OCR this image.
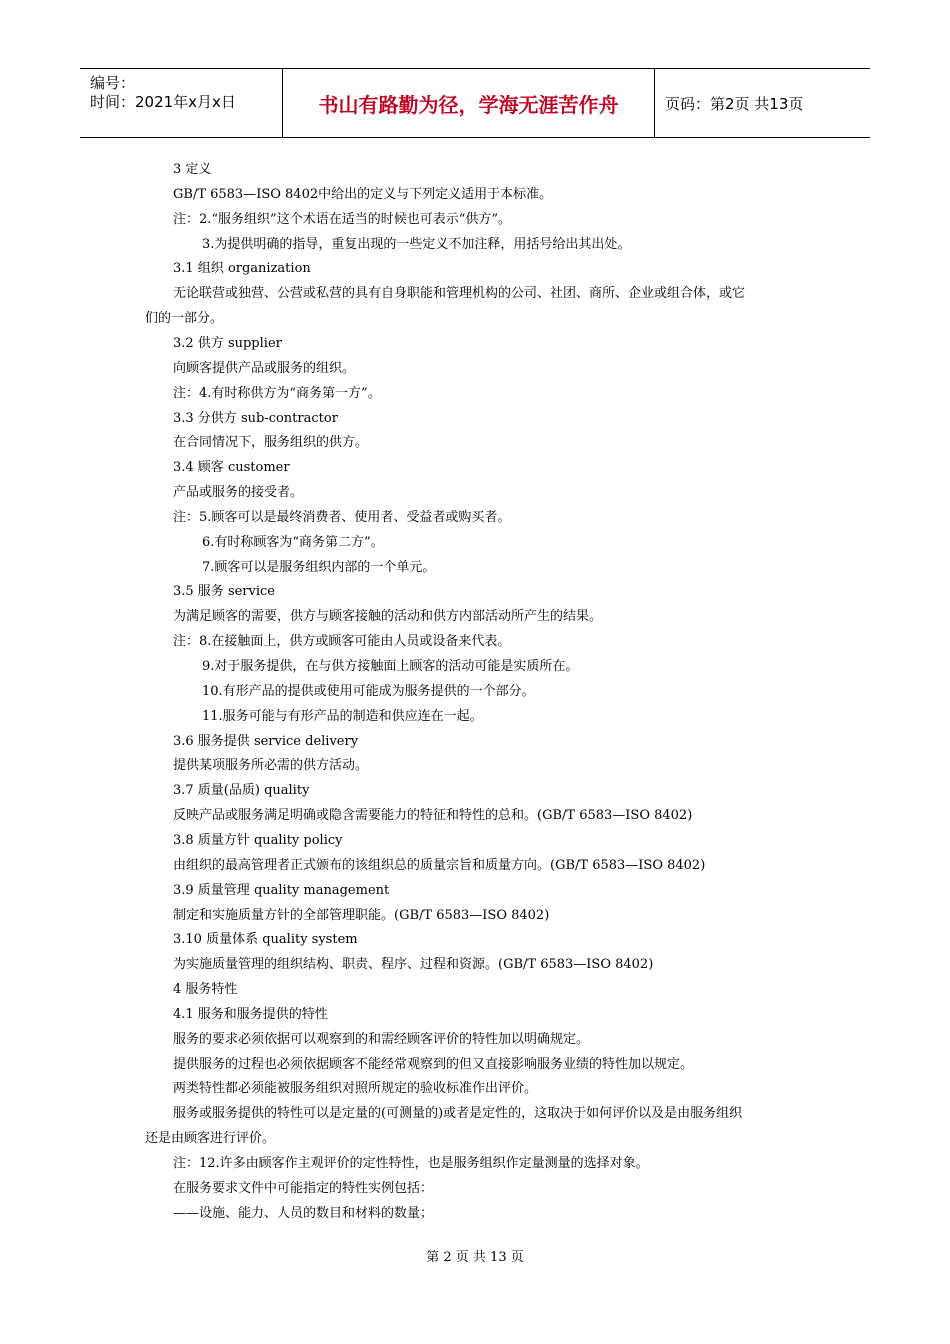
编号：
时间：2021年x月x日	书山有路勤为径，学海无涯苦作舟	页码：第2页 共13页
3 定义
GB/T 6583—ISO 8402中给出的定义与下列定义适用于本标准。
注：2.“服务组织”这个术语在适当的时候也可表示“供方”。
3.为提供明确的指导，重复出现的一些定义不加注释，用括号给出其出处。
3.1 组织 organization
无论联营或独营、公营或私营的具有自身职能和管理机构的公司、社团、商所、企业或组合体，或它
们的一部分。
3.2 供方 supplier
向顾客提供产品或服务的组织。
注：4.有时称供方为“商务第一方”。
3.3 分供方 sub-contractor
在合同情况下，服务组织的供方。
3.4 顾客 customer
产品或服务的接受者。
注：5.顾客可以是最终消费者、使用者、受益者或购买者。
6.有时称顾客为“商务第二方”。
7.顾客可以是服务组织内部的一个单元。
3.5 服务 service
为满足顾客的需要，供方与顾客接触的活动和供方内部活动所产生的结果。
注：8.在接触面上，供方或顾客可能由人员或设备来代表。
9.对于服务提供，在与供方接触面上顾客的活动可能是实质所在。
10.有形产品的提供或使用可能成为服务提供的一个部分。
11.服务可能与有形产品的制造和供应连在一起。
3.6 服务提供 service delivery
提供某项服务所必需的供方活动。
3.7 质量(品质) quality
反映产品或服务满足明确或隐含需要能力的特征和特性的总和。(GB/T 6583—ISO 8402)
3.8 质量方针 quality policy
由组织的最高管理者正式颁布的该组织总的质量宗旨和质量方向。(GB/T 6583—ISO 8402)
3.9 质量管理 quality management
制定和实施质量方针的全部管理职能。(GB/T 6583—ISO 8402)
3.10 质量体系 quality system
为实施质量管理的组织结构、职责、程序、过程和资源。(GB/T 6583—ISO 8402)
4 服务特性
4.1 服务和服务提供的特性
服务的要求必须依据可以观察到的和需经顾客评价的特性加以明确规定。
提供服务的过程也必须依据顾客不能经常观察到的但又直接影响服务业绩的特性加以规定。
两类特性都必须能被服务组织对照所规定的验收标准作出评价。
服务或服务提供的特性可以是定量的(可测量的)或者是定性的，这取决于如何评价以及是由服务组织
还是由顾客进行评价。
注：12.许多由顾客作主观评价的定性特性，也是服务组织作定量测量的选择对象。
在服务要求文件中可能指定的特性实例包括：
——设施、能力、人员的数目和材料的数量；
第 2 页 共 13 页
